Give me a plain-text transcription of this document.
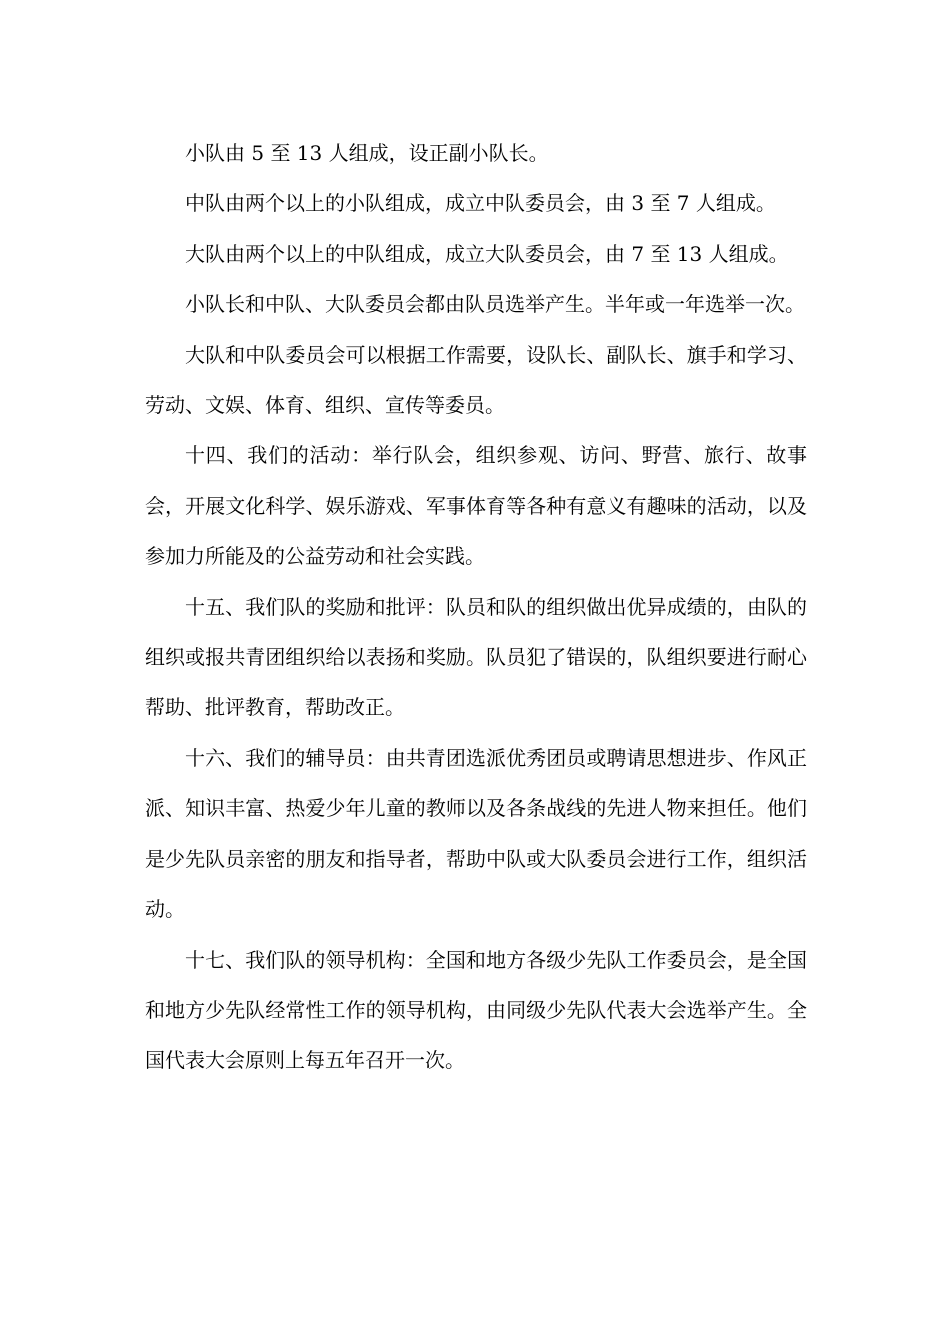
小队由 5 至 13 人组成，设正副小队长。

中队由两个以上的小队组成，成立中队委员会，由 3 至 7 人组成。

大队由两个以上的中队组成，成立大队委员会，由 7 至 13 人组成。

小队长和中队、大队委员会都由队员选举产生。半年或一年选举一次。

大队和中队委员会可以根据工作需要，设队长、副队长、旗手和学习、劳动、文娱、体育、组织、宣传等委员。

十四、我们的活动：举行队会，组织参观、访问、野营、旅行、故事会，开展文化科学、娱乐游戏、军事体育等各种有意义有趣味的活动，以及参加力所能及的公益劳动和社会实践。

十五、我们队的奖励和批评：队员和队的组织做出优异成绩的，由队的组织或报共青团组织给以表扬和奖励。队员犯了错误的，队组织要进行耐心帮助、批评教育，帮助改正。

十六、我们的辅导员：由共青团选派优秀团员或聘请思想进步、作风正派、知识丰富、热爱少年儿童的教师以及各条战线的先进人物来担任。他们是少先队员亲密的朋友和指导者，帮助中队或大队委员会进行工作，组织活动。

十七、我们队的领导机构：全国和地方各级少先队工作委员会，是全国和地方少先队经常性工作的领导机构，由同级少先队代表大会选举产生。全国代表大会原则上每五年召开一次。
